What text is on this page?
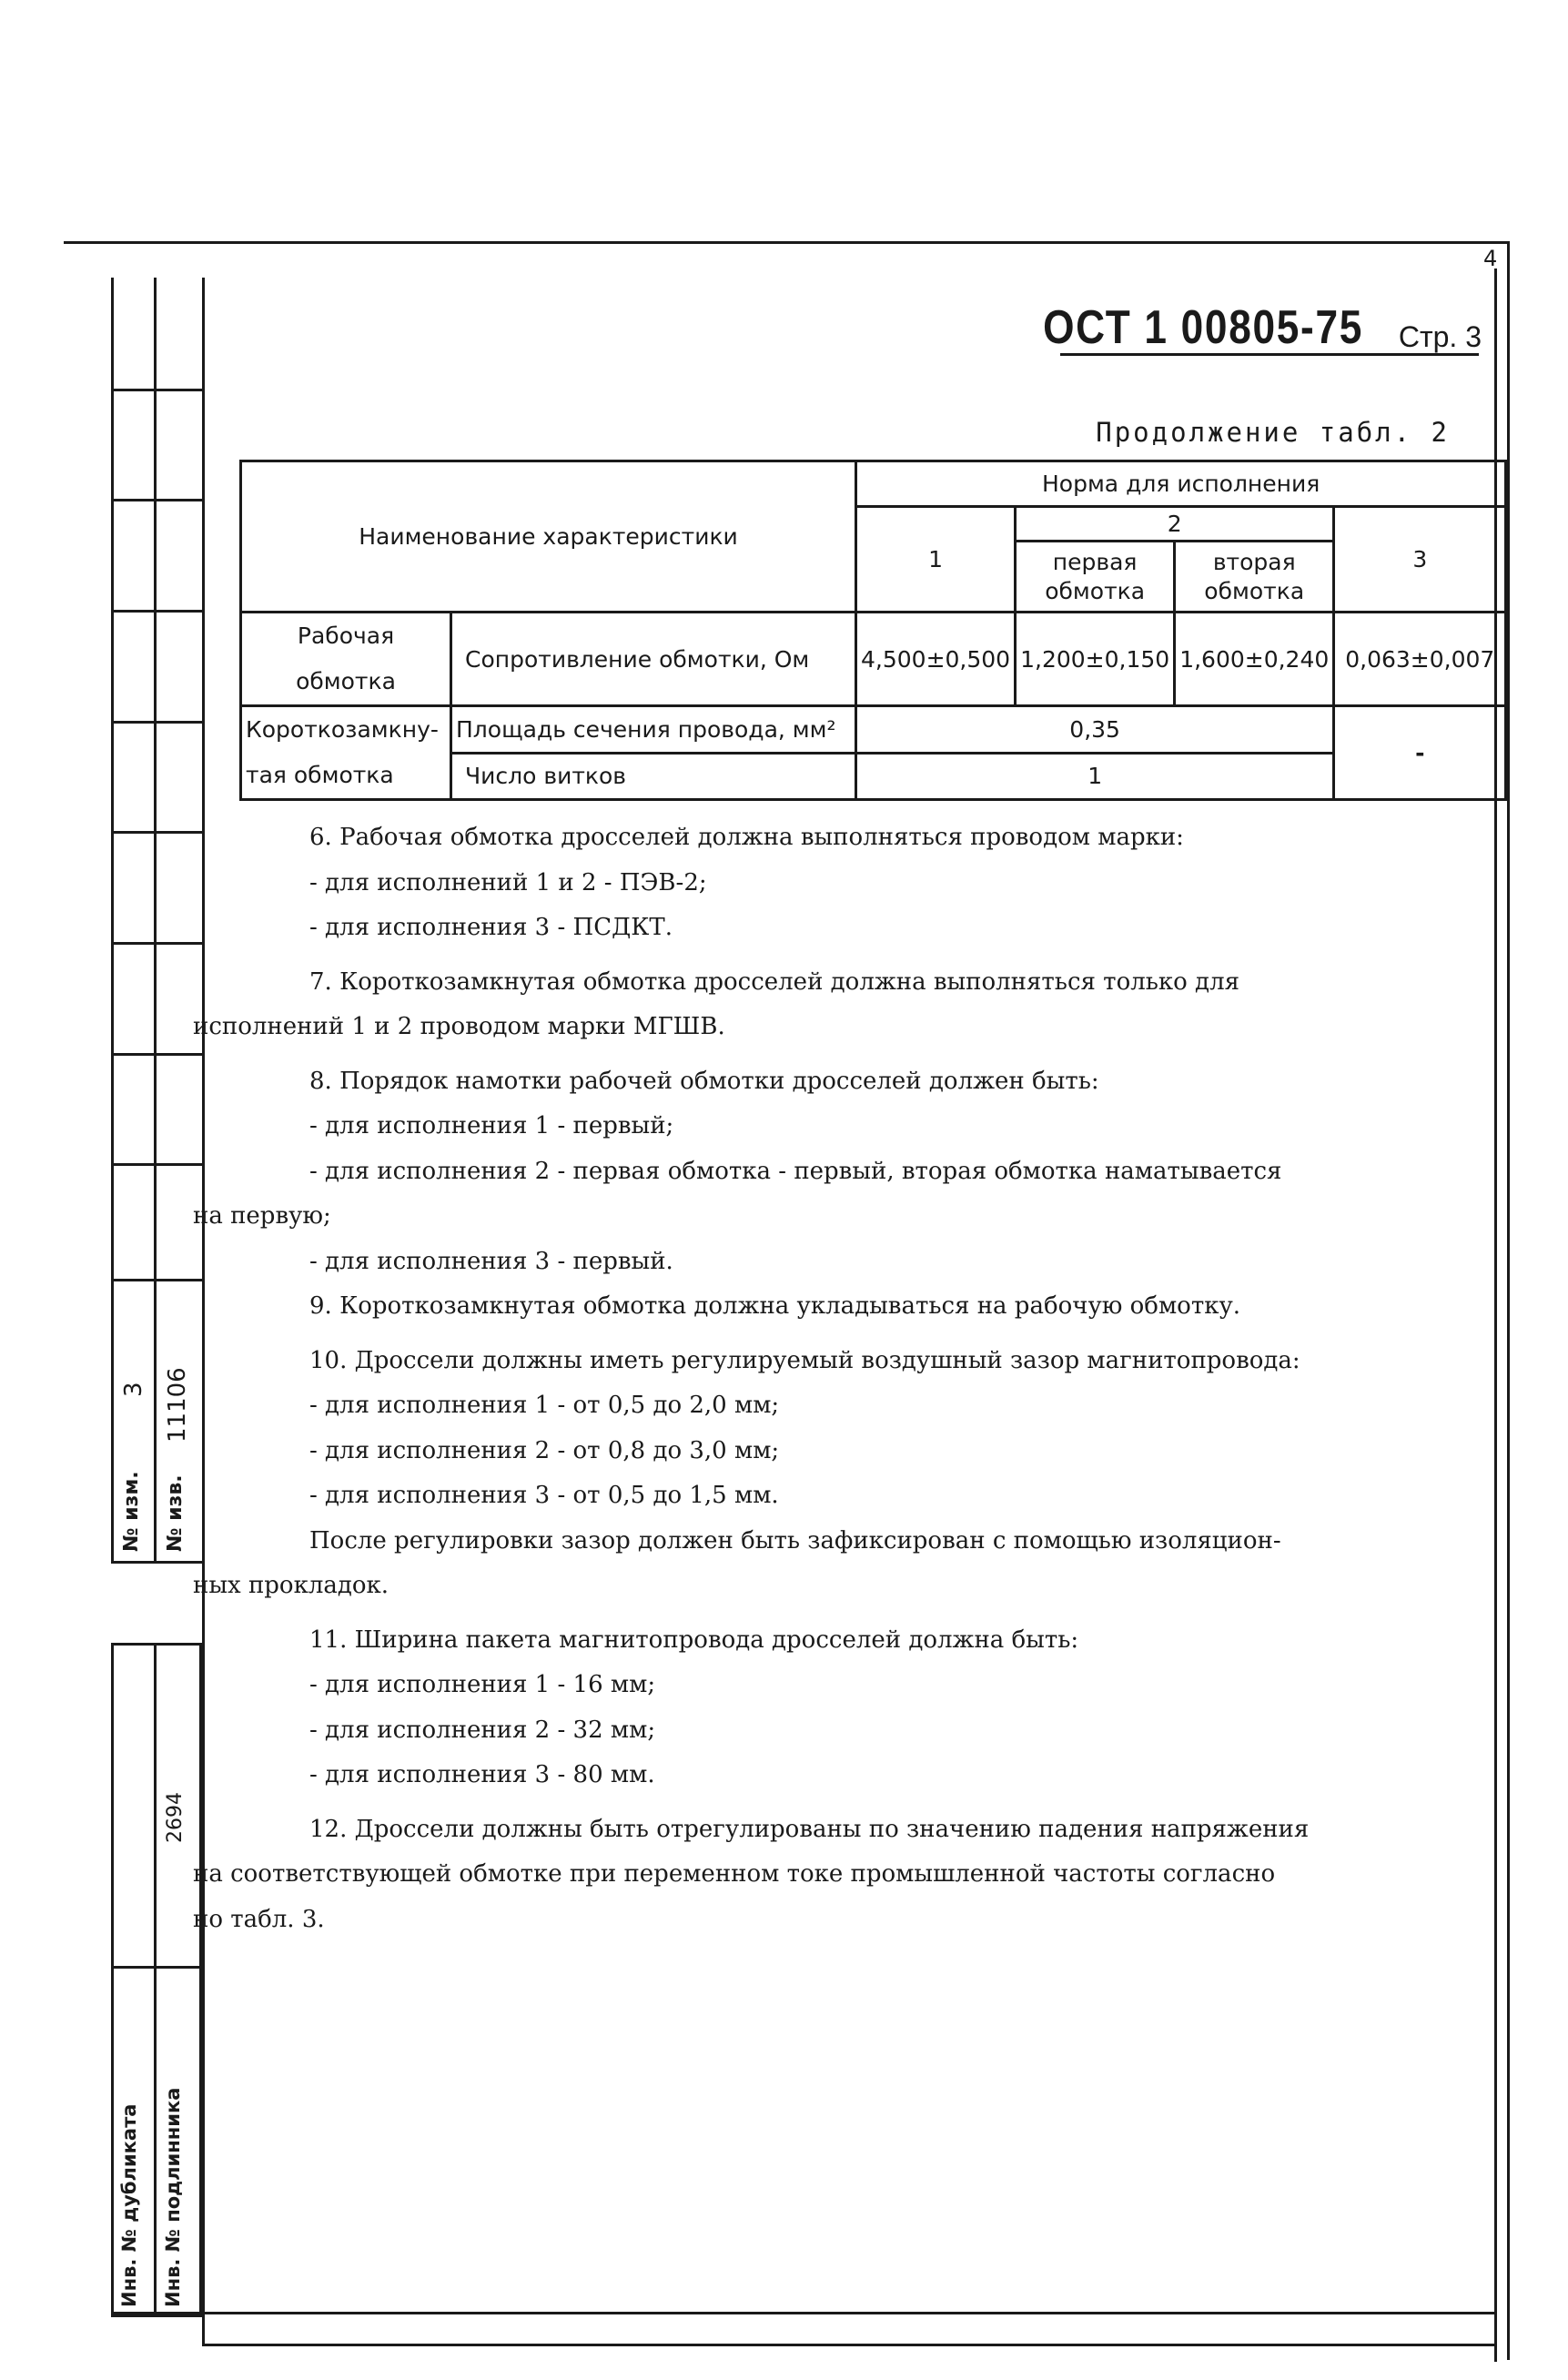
4
№ изм. № изв.
3 11106
2694
Инв. № дубликата Инв. № подлинника
ОСТ 1 00805-75 Стр. 3
Продолжение табл. 2
Наименование характеристики		Норма для исполнения			
		1	2		3
			первая обмотка	вторая обмотка	
Рабочая обмотка	Сопротивление обмотки, Ом	4,500±0,500	1,200±0,150	1,600±0,240	0,063±0,007
Короткозамкну-тая обмотка	Площадь сечения провода, мм²	0,35			-
	Число витков	1			

6. Рабочая обмотка дросселей должна выполняться проводом марки:

- для исполнений 1 и 2 - ПЭВ-2;

- для исполнения 3 - ПСДКТ.

7. Короткозамкнутая обмотка дросселей должна выполняться только для

исполнений 1 и 2 проводом марки МГШВ.

8. Порядок намотки рабочей обмотки дросселей должен быть:

- для исполнения 1 - первый;

- для исполнения 2 - первая обмотка - первый, вторая обмотка наматывается

на первую;

- для исполнения 3 - первый.

9. Короткозамкнутая обмотка должна укладываться на рабочую обмотку.

10. Дроссели должны иметь регулируемый воздушный зазор магнитопровода:

- для исполнения 1 - от 0,5 до 2,0 мм;

- для исполнения 2 - от 0,8 до 3,0 мм;

- для исполнения 3 - от 0,5 до 1,5 мм.

После регулировки зазор должен быть зафиксирован с помощью изоляцион-

ных прокладок.

11. Ширина пакета магнитопровода дросселей должна быть:

- для исполнения 1 - 16 мм;

- для исполнения 2 - 32 мм;

- для исполнения 3 - 80 мм.

12. Дроссели должны быть отрегулированы по значению падения напряжения

на соответствующей обмотке при переменном токе промышленной частоты согласно

но табл. 3.
